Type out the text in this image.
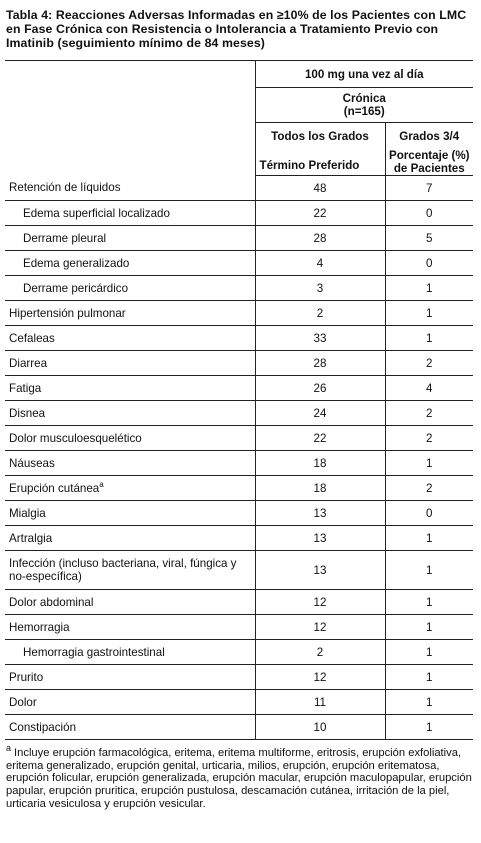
Tabla 4: Reacciones Adversas Informadas en ≥10% de los Pacientes con LMC en Fase Crónica con Resistencia o Intolerancia a Tratamiento Previo con Imatinib (seguimiento mínimo de 84 meses)
	100 mg una vez al día	

	Crónica
(n=165)	

	Todos los Grados	Grados 3/4
	Término Preferido	Porcentaje (%) de Pacientes
Retención de líquidos	48	7
Edema superficial localizado	22	0
Derrame pleural	28	5
Edema generalizado	4	0
Derrame pericárdico	3	1
Hipertensión pulmonar	2	1
Cefaleas	33	1
Diarrea	28	2
Fatiga	26	4
Disnea	24	2
Dolor musculoesquelético	22	2
Náuseas	18	1
Erupción cutánea$^a$	18	2
Mialgia	13	0
Artralgia	13	1
Infección (incluso bacteriana, viral, fúngica y no-específica)	13	1
Dolor abdominal	12	1
Hemorragia	12	1
Hemorragia gastrointestinal	2	1
Prurito	12	1
Dolor	11	1
Constipación	10	1
$^a$ Incluye erupción farmacológica, eritema, eritema multiforme, eritrosis, erupción exfoliativa, eritema generalizado, erupción genital, urticaria, milios, erupción, erupción eritematosa, erupción folicular, erupción generalizada, erupción macular, erupción maculopapular, erupción papular, erupción pruritica, erupción pustulosa, descamación cutánea, irritación de la piel, urticaria vesiculosa y erupción vesicular.
